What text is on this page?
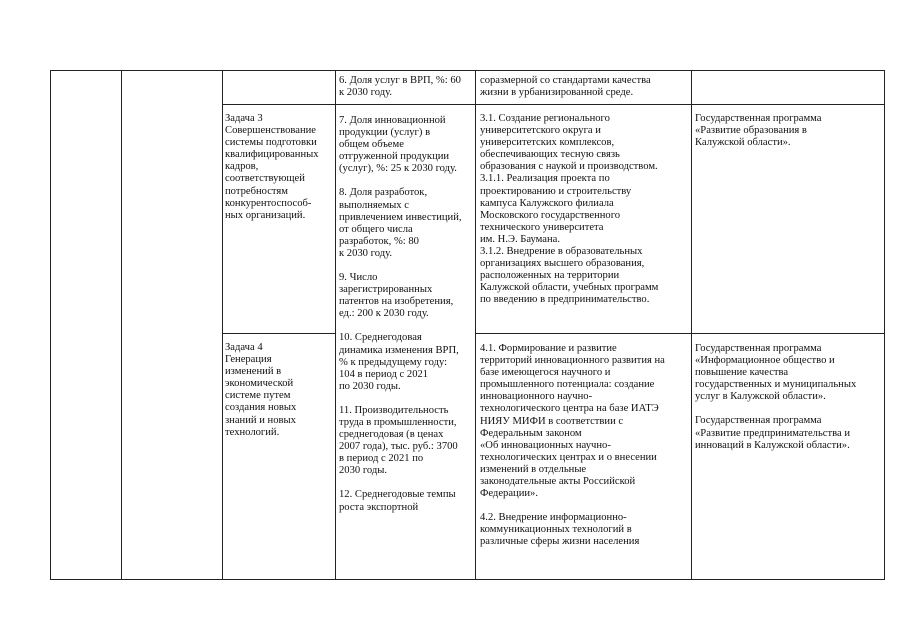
6. Доля услуг в ВРП, %: 60
к 2030 году.
соразмерной со стандартами качества
жизни в урбанизированной среде.
Задача 3
Совершенствование
системы подготовки
квалифицированных
кадров,
соответствующей
потребностям
конкурентоспособ-
ных организаций.
7. Доля инновационной
продукции (услуг) в
общем объеме
отгруженной продукции
(услуг), %: 25 к 2030 году.
8. Доля разработок,
выполняемых с
привлечением инвестиций,
от общего числа
разработок, %: 80
к 2030 году.
9. Число
зарегистрированных
патентов на изобретения,
ед.: 200 к 2030 году.
10. Среднегодовая
динамика изменения ВРП,
% к предыдущему году:
104 в период с 2021
по 2030 годы.
11. Производительность
труда в промышленности,
среднегодовая (в ценах
2007 года), тыс. руб.: 3700
в период с 2021 по
2030 годы.
12. Среднегодовые темпы
роста экспортной
3.1. Создание регионального
университетского округа и
университетских комплексов,
обеспечивающих тесную связь
образования с наукой и производством.
3.1.1. Реализация проекта по
проектированию и строительству
кампуса Калужского филиала
Московского государственного
технического университета
им. Н.Э. Баумана.
3.1.2. Внедрение в образовательных
организациях высшего образования,
расположенных на территории
Калужской области, учебных программ
по введению в предпринимательство.
Государственная программа
«Развитие образования в
Калужской области».
Задача 4
Генерация
изменений в
экономической
системе путем
создания новых
знаний и новых
технологий.
4.1. Формирование и развитие
территорий инновационного развития на
базе имеющегося научного и
промышленного потенциала: создание
инновационного научно-
технологического центра на базе ИАТЭ
НИЯУ МИФИ в соответствии с
Федеральным законом
«Об инновационных научно-
технологических центрах и о внесении
изменений в отдельные
законодательные акты Российской
Федерации».
4.2. Внедрение информационно-
коммуникационных технологий в
различные сферы жизни населения
Государственная программа
«Информационное общество и
повышение качества
государственных и муниципальных
услуг в Калужской области».
Государственная программа
«Развитие предпринимательства и
инноваций в Калужской области».
